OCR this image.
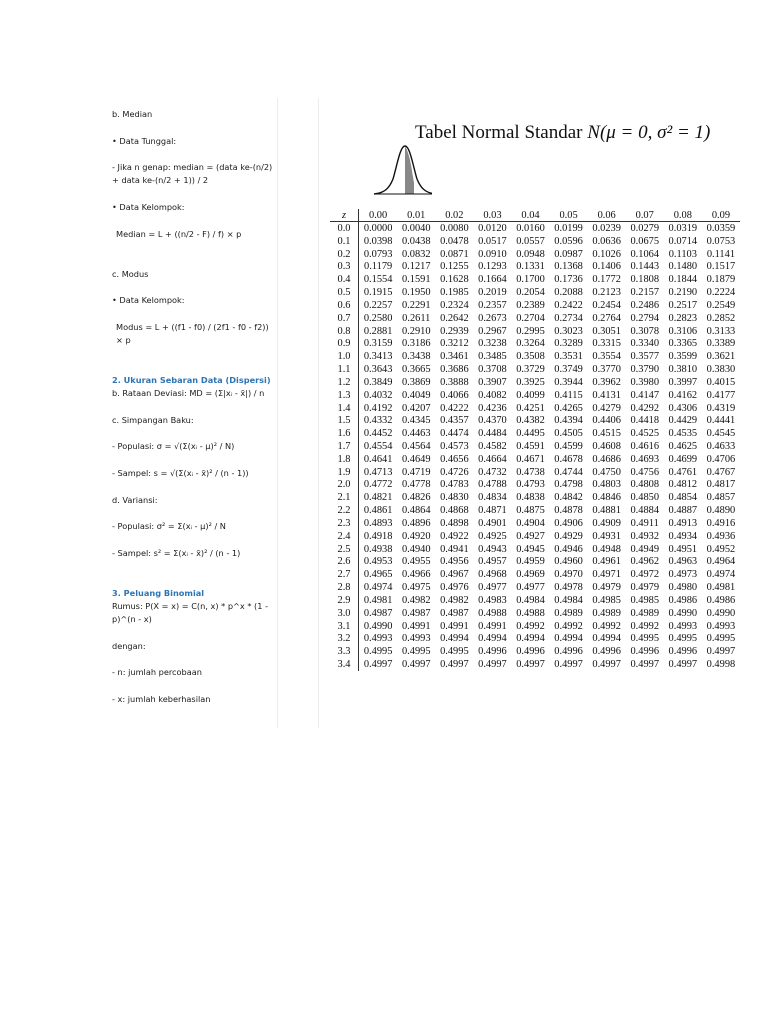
b. Median
• Data Tunggal:
- Jika n genap: median = (data ke-(n/2) + data ke-(n/2 + 1)) / 2
• Data Kelompok:
Median = L + ((n/2 - F) / f) × p
c. Modus
• Data Kelompok:
Modus = L + ((f1 - f0) / (2f1 - f0 - f2)) × p
2. Ukuran Sebaran Data (Dispersi)
b. Rataan Deviasi: MD = (Σ|xᵢ - x̄|) / n
c. Simpangan Baku:
- Populasi: σ = √(Σ(xᵢ - μ)² / N)
- Sampel: s = √(Σ(xᵢ - x̄)² / (n - 1))
d. Variansi:
- Populasi: σ² = Σ(xᵢ - μ)² / N
- Sampel: s² = Σ(xᵢ - x̄)² / (n - 1)
3. Peluang Binomial
Rumus: P(X = x) = C(n, x) * p^x * (1 - p)^(n - x)
dengan:
- n: jumlah percobaan
- x: jumlah keberhasilan
Tabel Normal Standar N(μ = 0, σ² = 1)
z	0.00	0.01	0.02	0.03	0.04	0.05	0.06	0.07	0.08	0.09
0.0	0.0000	0.0040	0.0080	0.0120	0.0160	0.0199	0.0239	0.0279	0.0319	0.0359
0.1	0.0398	0.0438	0.0478	0.0517	0.0557	0.0596	0.0636	0.0675	0.0714	0.0753
0.2	0.0793	0.0832	0.0871	0.0910	0.0948	0.0987	0.1026	0.1064	0.1103	0.1141
0.3	0.1179	0.1217	0.1255	0.1293	0.1331	0.1368	0.1406	0.1443	0.1480	0.1517
0.4	0.1554	0.1591	0.1628	0.1664	0.1700	0.1736	0.1772	0.1808	0.1844	0.1879
0.5	0.1915	0.1950	0.1985	0.2019	0.2054	0.2088	0.2123	0.2157	0.2190	0.2224
0.6	0.2257	0.2291	0.2324	0.2357	0.2389	0.2422	0.2454	0.2486	0.2517	0.2549
0.7	0.2580	0.2611	0.2642	0.2673	0.2704	0.2734	0.2764	0.2794	0.2823	0.2852
0.8	0.2881	0.2910	0.2939	0.2967	0.2995	0.3023	0.3051	0.3078	0.3106	0.3133
0.9	0.3159	0.3186	0.3212	0.3238	0.3264	0.3289	0.3315	0.3340	0.3365	0.3389
1.0	0.3413	0.3438	0.3461	0.3485	0.3508	0.3531	0.3554	0.3577	0.3599	0.3621
1.1	0.3643	0.3665	0.3686	0.3708	0.3729	0.3749	0.3770	0.3790	0.3810	0.3830
1.2	0.3849	0.3869	0.3888	0.3907	0.3925	0.3944	0.3962	0.3980	0.3997	0.4015
1.3	0.4032	0.4049	0.4066	0.4082	0.4099	0.4115	0.4131	0.4147	0.4162	0.4177
1.4	0.4192	0.4207	0.4222	0.4236	0.4251	0.4265	0.4279	0.4292	0.4306	0.4319
1.5	0.4332	0.4345	0.4357	0.4370	0.4382	0.4394	0.4406	0.4418	0.4429	0.4441
1.6	0.4452	0.4463	0.4474	0.4484	0.4495	0.4505	0.4515	0.4525	0.4535	0.4545
1.7	0.4554	0.4564	0.4573	0.4582	0.4591	0.4599	0.4608	0.4616	0.4625	0.4633
1.8	0.4641	0.4649	0.4656	0.4664	0.4671	0.4678	0.4686	0.4693	0.4699	0.4706
1.9	0.4713	0.4719	0.4726	0.4732	0.4738	0.4744	0.4750	0.4756	0.4761	0.4767
2.0	0.4772	0.4778	0.4783	0.4788	0.4793	0.4798	0.4803	0.4808	0.4812	0.4817
2.1	0.4821	0.4826	0.4830	0.4834	0.4838	0.4842	0.4846	0.4850	0.4854	0.4857
2.2	0.4861	0.4864	0.4868	0.4871	0.4875	0.4878	0.4881	0.4884	0.4887	0.4890
2.3	0.4893	0.4896	0.4898	0.4901	0.4904	0.4906	0.4909	0.4911	0.4913	0.4916
2.4	0.4918	0.4920	0.4922	0.4925	0.4927	0.4929	0.4931	0.4932	0.4934	0.4936
2.5	0.4938	0.4940	0.4941	0.4943	0.4945	0.4946	0.4948	0.4949	0.4951	0.4952
2.6	0.4953	0.4955	0.4956	0.4957	0.4959	0.4960	0.4961	0.4962	0.4963	0.4964
2.7	0.4965	0.4966	0.4967	0.4968	0.4969	0.4970	0.4971	0.4972	0.4973	0.4974
2.8	0.4974	0.4975	0.4976	0.4977	0.4977	0.4978	0.4979	0.4979	0.4980	0.4981
2.9	0.4981	0.4982	0.4982	0.4983	0.4984	0.4984	0.4985	0.4985	0.4986	0.4986
3.0	0.4987	0.4987	0.4987	0.4988	0.4988	0.4989	0.4989	0.4989	0.4990	0.4990
3.1	0.4990	0.4991	0.4991	0.4991	0.4992	0.4992	0.4992	0.4992	0.4993	0.4993
3.2	0.4993	0.4993	0.4994	0.4994	0.4994	0.4994	0.4994	0.4995	0.4995	0.4995
3.3	0.4995	0.4995	0.4995	0.4996	0.4996	0.4996	0.4996	0.4996	0.4996	0.4997
3.4	0.4997	0.4997	0.4997	0.4997	0.4997	0.4997	0.4997	0.4997	0.4997	0.4998
